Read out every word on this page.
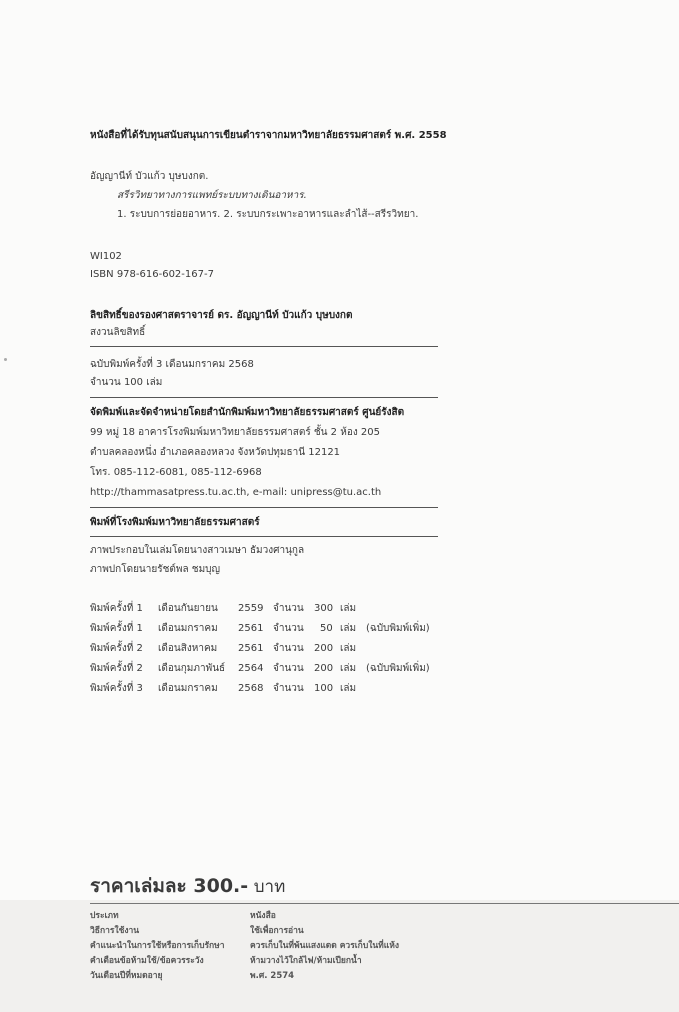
หนังสือที่ได้รับทุนสนับสนุนการเขียนตำราจากมหาวิทยาลัยธรรมศาสตร์ พ.ศ. 2558
อัญญานีท์ บัวแก้ว บุษบงกต.
สรีรวิทยาทางการแพทย์ระบบทางเดินอาหาร.
1. ระบบการย่อยอาหาร. 2. ระบบกระเพาะอาหารและลำไส้--สรีรวิทยา.
WI102
ISBN 978-616-602-167-7
ลิขสิทธิ์ของรองศาสตราจารย์ ดร. อัญญานีท์ บัวแก้ว บุษบงกต
สงวนลิขสิทธิ์
ฉบับพิมพ์ครั้งที่ 3 เดือนมกราคม 2568
จำนวน 100 เล่ม
จัดพิมพ์และจัดจำหน่ายโดยสำนักพิมพ์มหาวิทยาลัยธรรมศาสตร์ ศูนย์รังสิต
99 หมู่ 18 อาคารโรงพิมพ์มหาวิทยาลัยธรรมศาสตร์ ชั้น 2 ห้อง 205
ตำบลคลองหนึ่ง อำเภอคลองหลวง จังหวัดปทุมธานี 12121
โทร. 085-112-6081, 085-112-6968
http://thammasatpress.tu.ac.th, e-mail: unipress@tu.ac.th
พิมพ์ที่โรงพิมพ์มหาวิทยาลัยธรรมศาสตร์
ภาพประกอบในเล่มโดยนางสาวเมษา ธัมวงศานุกูล
ภาพปกโดยนายรัชต์พล ชมบุญ
พิมพ์ครั้งที่ 1 เดือนกันยายน 2559 จำนวน 300 เล่ม
พิมพ์ครั้งที่ 1 เดือนมกราคม 2561 จำนวน 50 เล่ม (ฉบับพิมพ์เพิ่ม)
พิมพ์ครั้งที่ 2 เดือนสิงหาคม 2561 จำนวน 200 เล่ม
พิมพ์ครั้งที่ 2 เดือนกุมภาพันธ์ 2564 จำนวน 200 เล่ม (ฉบับพิมพ์เพิ่ม)
พิมพ์ครั้งที่ 3 เดือนมกราคม 2568 จำนวน 100 เล่ม
ราคาเล่มละ 300.- บาท
ประเภท
วิธีการใช้งาน
คำแนะนำในการใช้หรือการเก็บรักษา
คำเตือนข้อห้ามใช้/ข้อควรระวัง
วันเดือนปีที่หมดอายุ
หนังสือ
ใช้เพื่อการอ่าน
ควรเก็บในที่พ้นแสงแดด ควรเก็บในที่แห้ง
ห้ามวางไว้ใกล้ไฟ/ห้ามเปียกน้ำ
พ.ศ. 2574
